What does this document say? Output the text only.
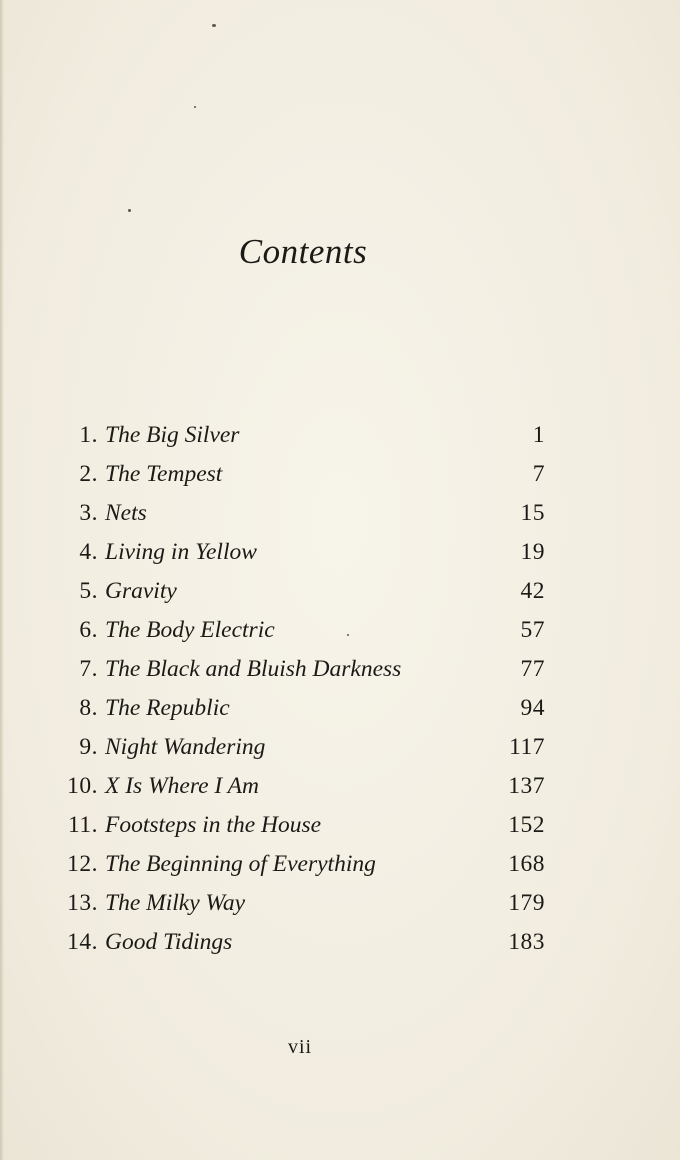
Contents
1. The Big Silver	1
2. The Tempest	7
3. Nets	15
4. Living in Yellow	19
5. Gravity	42
6. The Body Electric	57
7. The Black and Bluish Darkness	77
8. The Republic	94
9. Night Wandering	117
10. X Is Where I Am	137
11. Footsteps in the House	152
12. The Beginning of Everything	168
13. The Milky Way	179
14. Good Tidings	183
vii
